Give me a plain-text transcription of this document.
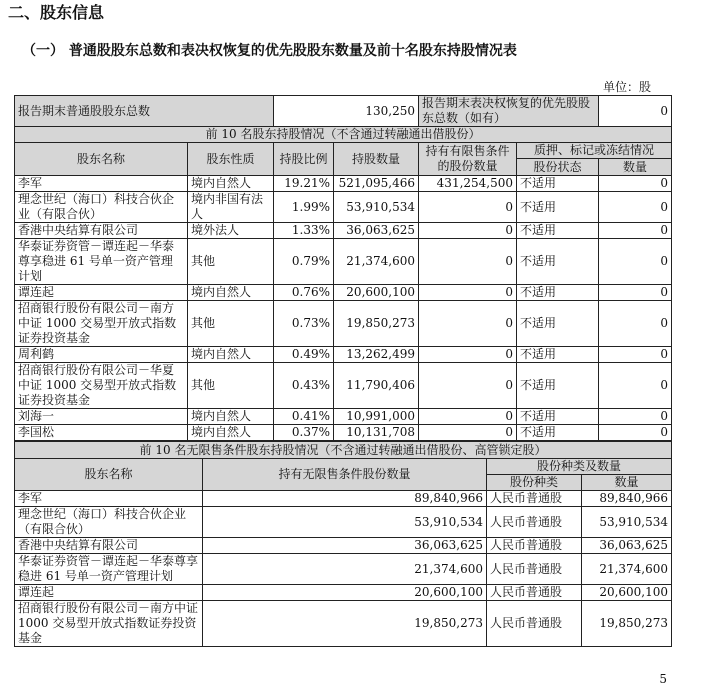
二、股东信息
（一） 普通股股东总数和表决权恢复的优先股股东数量及前十名股东持股情况表
单位：股
报告期末普通股股东总数		130,250		报告期末表决权恢复的优先股股东总数（如有）		0
前 10 名股东持股情况（不含通过转融通出借股份）						
股东名称	股东性质	持股比例	持股数量	持有有限售条件的股份数量	质押、标记或冻结情况	
					股份状态	数量
李军	境内自然人	19.21%	521,095,466	431,254,500	不适用	0
理念世纪（海口）科技合伙企业（有限合伙）	境内非国有法人	1.99%	53,910,534	0	不适用	0
香港中央结算有限公司	境外法人	1.33%	36,063,625	0	不适用	0
华泰证券资管－谭连起－华泰尊享稳进 61 号单一资产管理计划	其他	0.79%	21,374,600	0	不适用	0
谭连起	境内自然人	0.76%	20,600,100	0	不适用	0
招商银行股份有限公司－南方中证 1000 交易型开放式指数证券投资基金	其他	0.73%	19,850,273	0	不适用	0
周利鹤	境内自然人	0.49%	13,262,499	0	不适用	0
招商银行股份有限公司－华夏中证 1000 交易型开放式指数证券投资基金	其他	0.43%	11,790,406	0	不适用	0
刘海一	境内自然人	0.41%	10,991,000	0	不适用	0
李国松	境内自然人	0.37%	10,131,708	0	不适用	0
前 10 名无限售条件股东持股情况（不含通过转融通出借股份、高管锁定股）			
股东名称	持有无限售条件股份数量	股份种类及数量	
		股份种类	数量
李军	89,840,966	人民币普通股	89,840,966
理念世纪（海口）科技合伙企业（有限合伙）	53,910,534	人民币普通股	53,910,534
香港中央结算有限公司	36,063,625	人民币普通股	36,063,625
华泰证券资管－谭连起－华泰尊享稳进 61 号单一资产管理计划	21,374,600	人民币普通股	21,374,600
谭连起	20,600,100	人民币普通股	20,600,100
招商银行股份有限公司－南方中证 1000 交易型开放式指数证券投资基金	19,850,273	人民币普通股	19,850,273
5
